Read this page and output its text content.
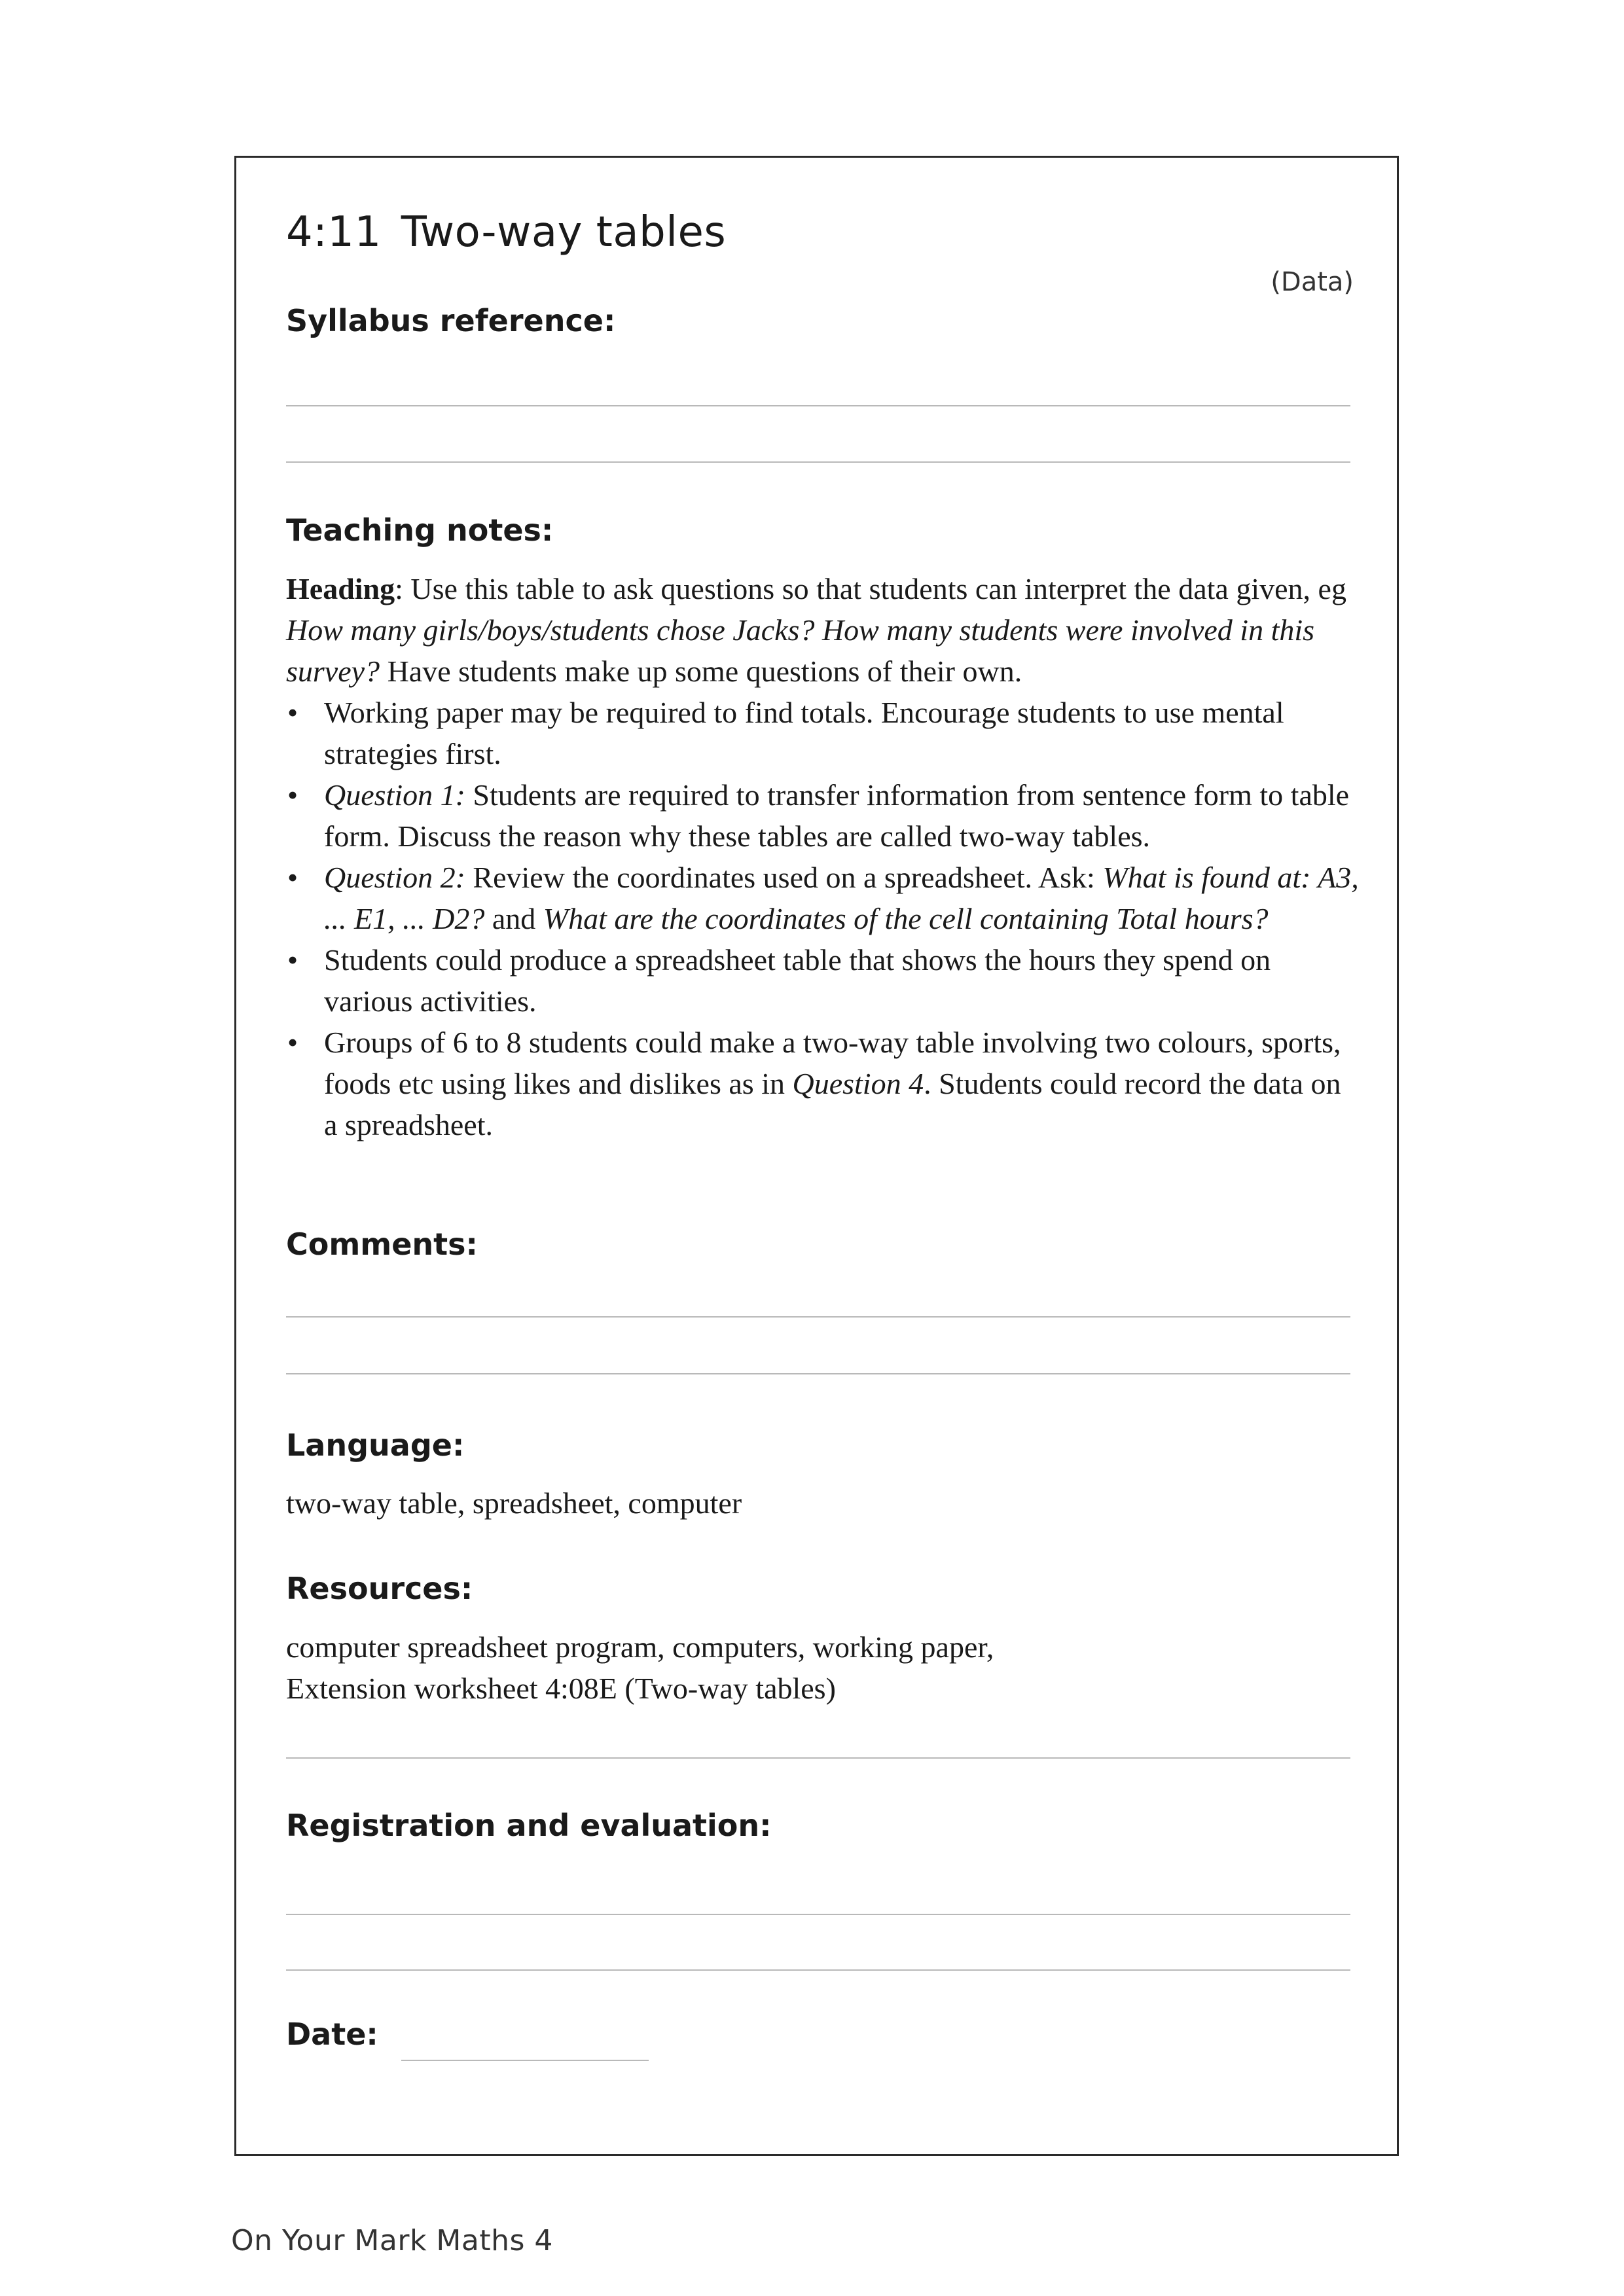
4:11 Two-way tables
(Data)
Syllabus reference:
Teaching notes:

Heading: Use this table to ask questions so that students can interpret the data given, eg How many girls/boys/students chose Jacks? How many students were involved in this survey? Have students make up some questions of their own.

• Working paper may be required to find totals. Encourage students to use mental strategies first.
• Question 1: Students are required to transfer information from sentence form to table form. Discuss the reason why these tables are called two-way tables.
• Question 2: Review the coordinates used on a spreadsheet. Ask: What is found at: A3, ... E1, ... D2? and What are the coordinates of the cell containing Total hours?
• Students could produce a spreadsheet table that shows the hours they spend on various activities.
• Groups of 6 to 8 students could make a two-way table involving two colours, sports, foods etc using likes and dislikes as in Question 4. Students could record the data on a spreadsheet.
Comments:
Language:
two-way table, spreadsheet, computer
Resources:
computer spreadsheet program, computers, working paper,
Extension worksheet 4:08E (Two-way tables)
Registration and evaluation:
Date:
On Your Mark Maths 4
